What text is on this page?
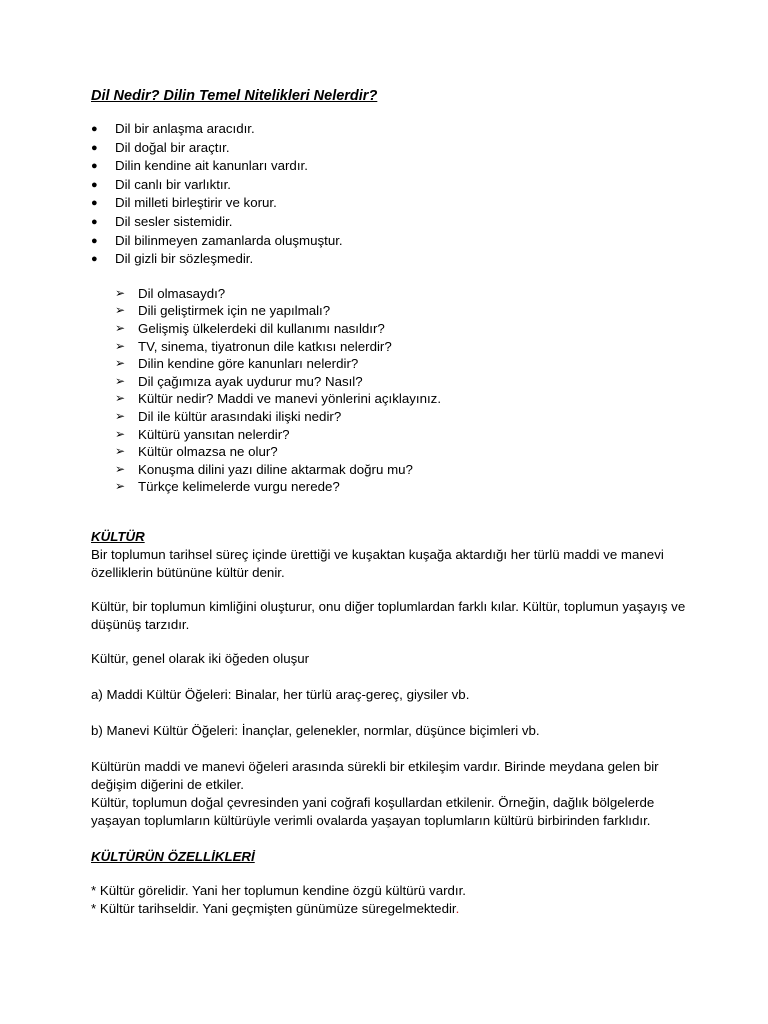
Dil Nedir? Dilin Temel Nitelikleri Nelerdir?
● Dil bir anlaşma aracıdır.
● Dil doğal bir araçtır.
● Dilin kendine ait kanunları vardır.
● Dil canlı bir varlıktır.
● Dil milleti birleştirir ve korur.
● Dil sesler sistemidir.
● Dil bilinmeyen zamanlarda oluşmuştur.
● Dil gizli bir sözleşmedir.
➢ Dil olmasaydı?
➢ Dili geliştirmek için ne yapılmalı?
➢ Gelişmiş ülkelerdeki dil kullanımı nasıldır?
➢ TV, sinema, tiyatronun dile katkısı nelerdir?
➢ Dilin kendine göre kanunları nelerdir?
➢ Dil çağımıza ayak uydurur mu? Nasıl?
➢ Kültür nedir? Maddi ve manevi yönlerini açıklayınız.
➢ Dil ile kültür arasındaki ilişki nedir?
➢ Kültürü yansıtan nelerdir?
➢ Kültür olmazsa ne olur?
➢ Konuşma dilini yazı diline aktarmak doğru mu?
➢ Türkçe kelimelerde vurgu nerede?
KÜLTÜR

Bir toplumun tarihsel süreç içinde ürettiği ve kuşaktan kuşağa aktardığı her türlü maddi ve manevi özelliklerin bütününe kültür denir.

Kültür, bir toplumun kimliğini oluşturur, onu diğer toplumlardan farklı kılar. Kültür, toplumun yaşayış ve düşünüş tarzıdır.

Kültür, genel olarak iki öğeden oluşur

a) Maddi Kültür Öğeleri: Binalar, her türlü araç-gereç, giysiler vb.

b) Manevi Kültür Öğeleri: İnançlar, gelenekler, normlar, düşünce biçimleri vb.

Kültürün maddi ve manevi öğeleri arasında sürekli bir etkileşim vardır. Birinde meydana gelen bir değişim diğerini de etkiler.

Kültür, toplumun doğal çevresinden yani coğrafi koşullardan etkilenir. Örneğin, dağlık bölgelerde yaşayan toplumların kültürüyle verimli ovalarda yaşayan toplumların kültürü birbirinden farklıdır.

KÜLTÜRÜN ÖZELLİKLERİ

* Kültür görelidir. Yani her toplumun kendine özgü kültürü vardır.

* Kültür tarihseldir. Yani geçmişten günümüze süregelmektedir.
